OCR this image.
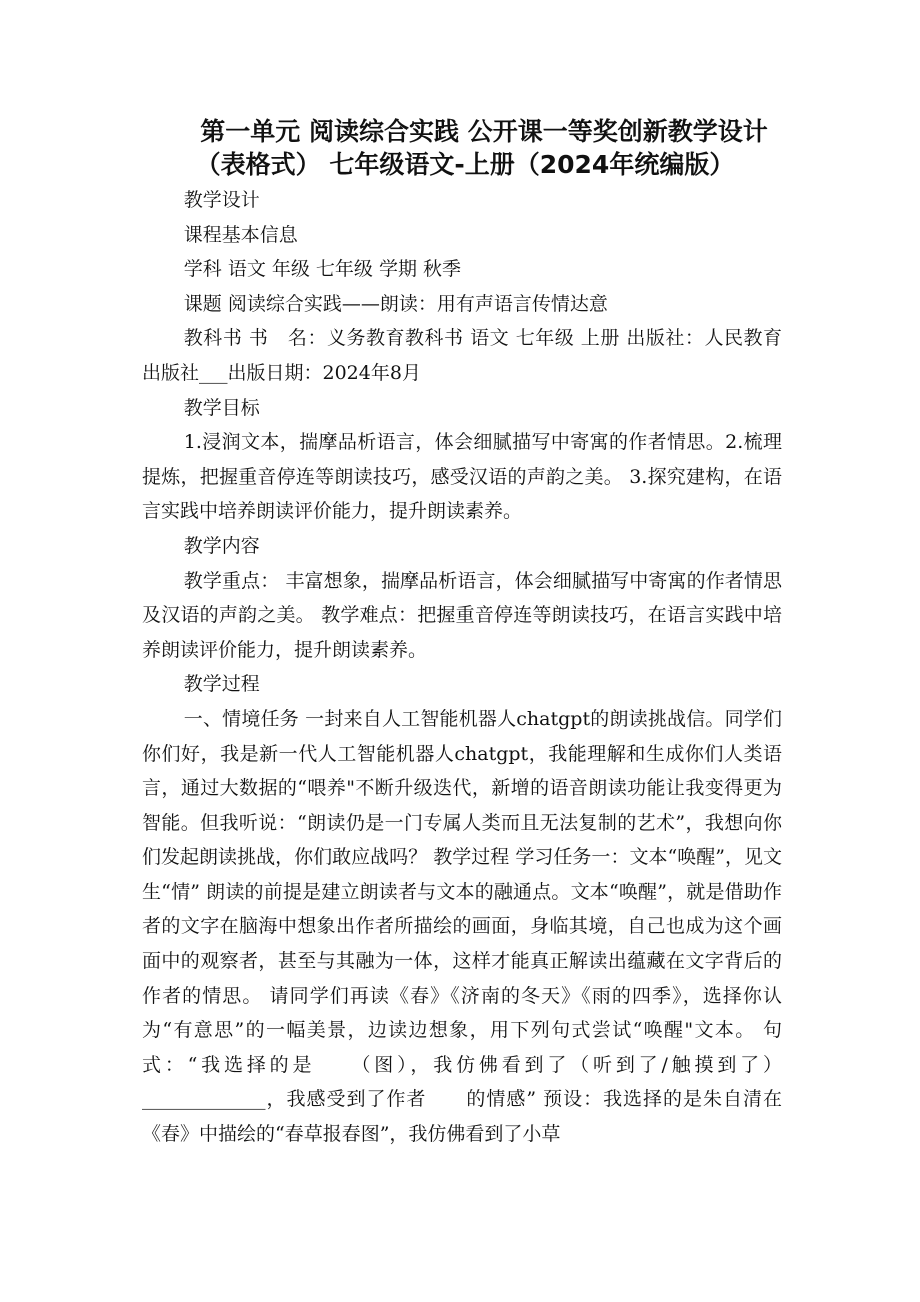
第一单元 阅读综合实践 公开课一等奖创新教学设计
（表格式） 七年级语文-上册（2024年统编版）

教学设计

课程基本信息

学科 语文 年级 七年级 学期 秋季

课题 阅读综合实践——朗读：用有声语言传情达意

教科书 书　名：义务教育教科书 语文 七年级 上册 出版社：人民教育出版社___出版日期：2024年8月

教学目标

1.浸润文本，揣摩品析语言，体会细腻描写中寄寓的作者情思。2.梳理提炼，把握重音停连等朗读技巧，感受汉语的声韵之美。 3.探究建构，在语言实践中培养朗读评价能力，提升朗读素养。

教学内容

教学重点： 丰富想象，揣摩品析语言，体会细腻描写中寄寓的作者情思及汉语的声韵之美。 教学难点：把握重音停连等朗读技巧，在语言实践中培养朗读评价能力，提升朗读素养。

教学过程

一、情境任务 一封来自人工智能机器人chatgpt的朗读挑战信。同学们你们好，我是新一代人工智能机器人chatgpt，我能理解和生成你们人类语言，通过大数据的“喂养"不断升级迭代，新增的语音朗读功能让我变得更为智能。但我听说：“朗读仍是一门专属人类而且无法复制的艺术”，我想向你们发起朗读挑战，你们敢应战吗？ 教学过程 学习任务一：文本“唤醒”，见文生“情” 朗读的前提是建立朗读者与文本的融通点。文本“唤醒”，就是借助作者的文字在脑海中想象出作者所描绘的画面，身临其境，自己也成为这个画面中的观察者，甚至与其融为一体，这样才能真正解读出蕴藏在文字背后的作者的情思。 请同学们再读《春》《济南的冬天》《雨的四季》，选择你认为“有意思”的一幅美景，边读边想象，用下列句式尝试“唤醒"文本。 句式：“我选择的是　　（图），我仿佛看到了（听到了/触摸到了）_____________，我感受到了作者　　的情感” 预设：我选择的是朱自清在《春》中描绘的“春草报春图”，我仿佛看到了小草
